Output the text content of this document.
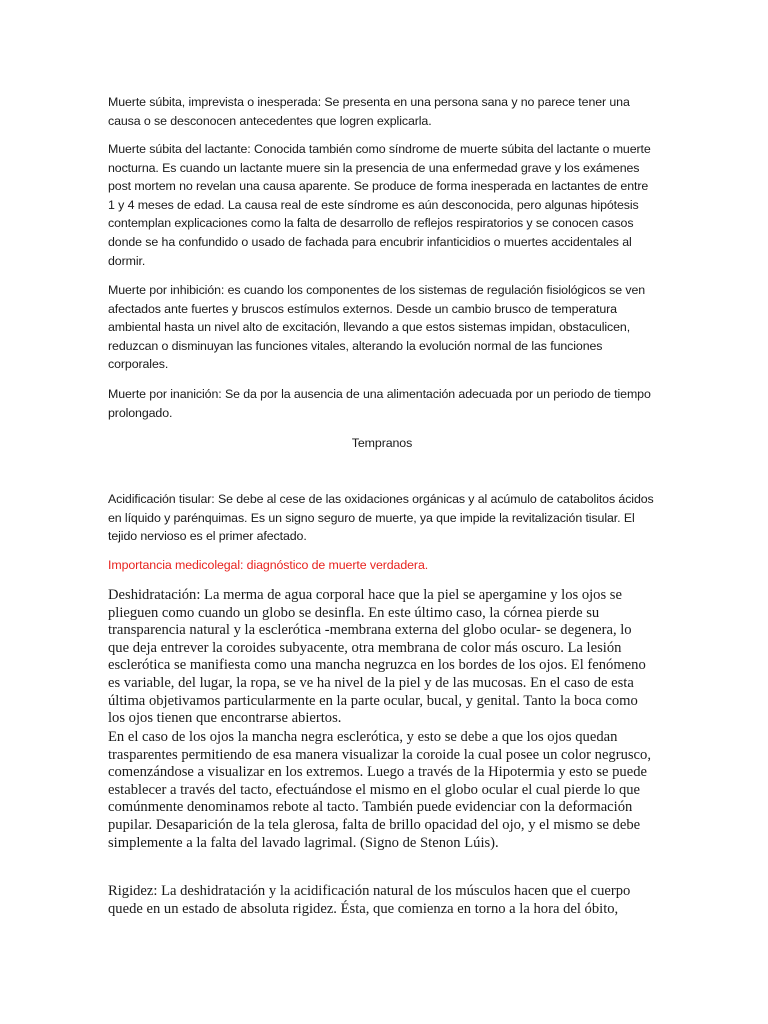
Muerte súbita, imprevista o inesperada: Se presenta en una persona sana y no parece tener una causa o se desconocen antecedentes que logren explicarla.

Muerte súbita del lactante: Conocida también como síndrome de muerte súbita del lactante o muerte nocturna. Es cuando un lactante muere sin la presencia de una enfermedad grave y los exámenes post mortem no revelan una causa aparente. Se produce de forma inesperada en lactantes de entre 1 y 4 meses de edad. La causa real de este síndrome es aún desconocida, pero algunas hipótesis contemplan explicaciones como la falta de desarrollo de reflejos respiratorios y se conocen casos donde se ha confundido o usado de fachada para encubrir infanticidios o muertes accidentales al dormir.

Muerte por inhibición: es cuando los componentes de los sistemas de regulación fisiológicos se ven afectados ante fuertes y bruscos estímulos externos. Desde un cambio brusco de temperatura ambiental hasta un nivel alto de excitación, llevando a que estos sistemas impidan, obstaculicen, reduzcan o disminuyan las funciones vitales, alterando la evolución normal de las funciones corporales.

Muerte por inanición: Se da por la ausencia de una alimentación adecuada por un periodo de tiempo prolongado.

Tempranos

Acidificación tisular: Se debe al cese de las oxidaciones orgánicas y al acúmulo de catabolitos ácidos en líquido y parénquimas. Es un signo seguro de muerte, ya que impide la revitalización tisular. El tejido nervioso es el primer afectado.

Importancia medicolegal: diagnóstico de muerte verdadera.

Deshidratación: La merma de agua corporal hace que la piel se apergamine y los ojos se plieguen como cuando un globo se desinfla. En este último caso, la córnea pierde su transparencia natural y la esclerótica -membrana externa del globo ocular- se degenera, lo que deja entrever la coroides subyacente, otra membrana de color más oscuro. La lesión esclerótica se manifiesta como una mancha negruzca en los bordes de los ojos. El fenómeno es variable, del lugar, la ropa, se ve ha nivel de la piel y de las mucosas. En el caso de esta última objetivamos particularmente en la parte ocular, bucal, y genital. Tanto la boca como los ojos tienen que encontrarse abiertos.

En el caso de los ojos la mancha negra esclerótica, y esto se debe a que los ojos quedan trasparentes permitiendo de esa manera visualizar la coroide la cual posee un color negrusco, comenzándose a visualizar en los extremos. Luego a través de la Hipotermia y esto se puede establecer a través del tacto, efectuándose el mismo en el globo ocular el cual pierde lo que comúnmente denominamos rebote al tacto. También puede evidenciar con la deformación pupilar. Desaparición de la tela glerosa, falta de brillo opacidad del ojo, y el mismo se debe simplemente a la falta del lavado lagrimal. (Signo de Stenon Lúis).

Rigidez: La deshidratación y la acidificación natural de los músculos hacen que el cuerpo quede en un estado de absoluta rigidez. Ésta, que comienza en torno a la hora del óbito,
